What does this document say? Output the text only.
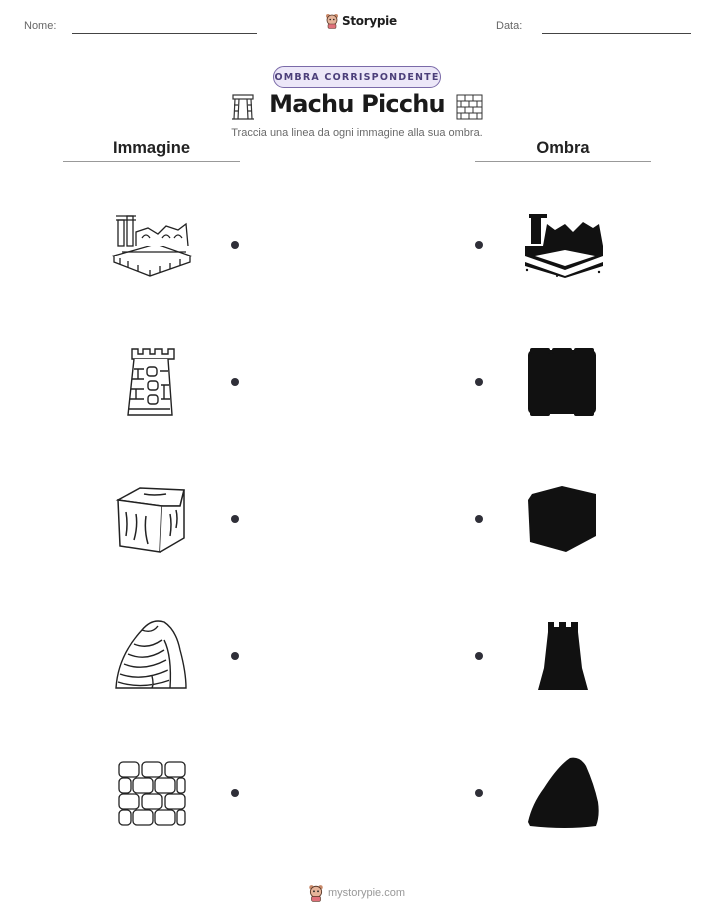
Nome:	Storypie	Data:
OMBRA CORRISPONDENTE
Machu Picchu
Traccia una linea da ogni immagine alla sua ombra.
Immagine	Ombra
mystorypie.com
